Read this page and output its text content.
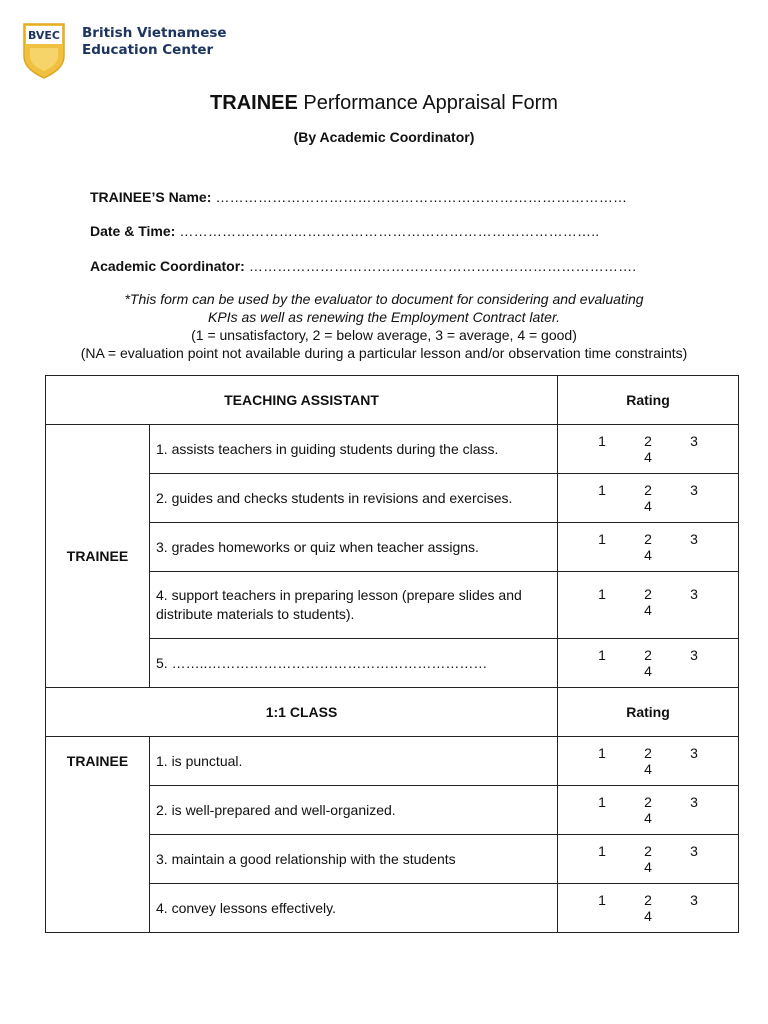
BVEC British Vietnamese
Education Center
TRAINEE Performance Appraisal Form
(By Academic Coordinator)
TRAINEE’S Name: ……………………………………………………………………………
Date & Time: ……………………………………………………………………………..
Academic Coordinator: ……………………………………………………………………….
*This form can be used by the evaluator to document for considering and evaluating
KPIs as well as renewing the Employment Contract later.
(1 = unsatisfactory, 2 = below average, 3 = average, 4 = good)
(NA = evaluation point not available during a particular lesson and/or observation time constraints)
TEACHING ASSISTANT		Rating
TRAINEE	1. assists teachers in guiding students during the class.	1 2 34
	2. guides and checks students in revisions and exercises.	1 2 34
	3. grades homeworks or quiz when teacher assigns.	1 2 34
	4. support teachers in preparing lesson (prepare slides and distribute materials to students).	1 2 34
	5. ……..……………………………………………………	1 2 34
1:1 CLASS		Rating
TRAINEE	1. is punctual.	1 2 34
	2. is well-prepared and well-organized.	1 2 34
	3. maintain a good relationship with the students	1 2 34
	4. convey lessons effectively.	1 2 34
